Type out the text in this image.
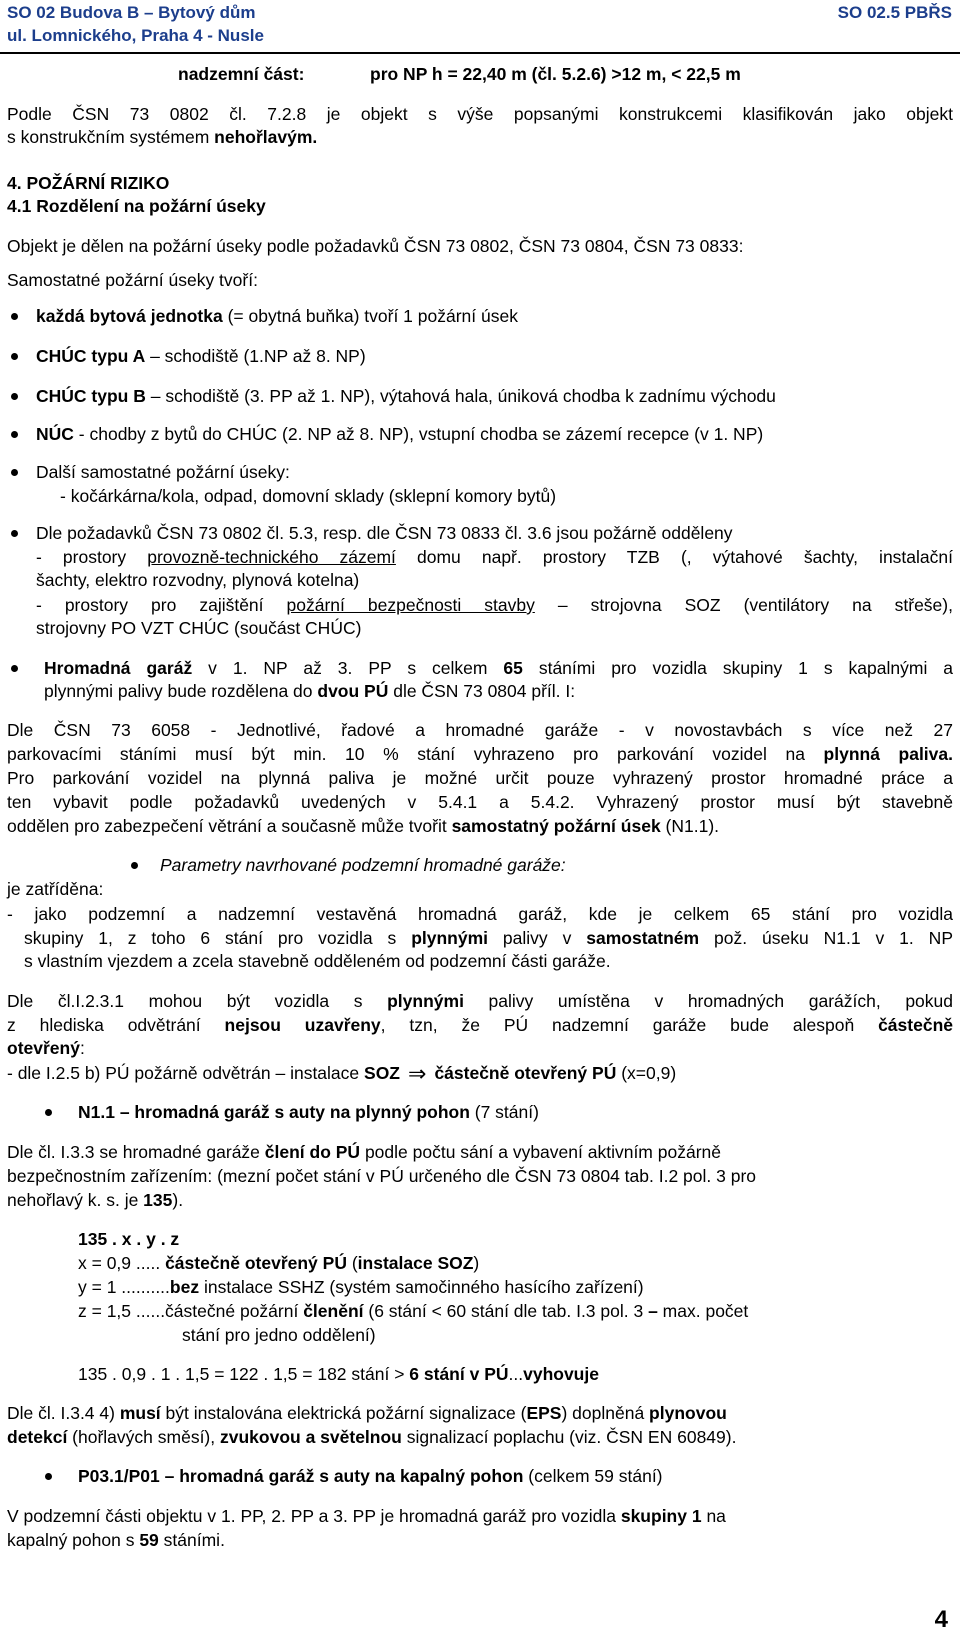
SO 02 Budova B – Bytový dům
ul. Lomnického, Praha 4 - Nusle
SO 02.5 PBŘS
nadzemní část:	pro NP h = 22,40 m (čl. 5.2.6) >12 m, < 22,5 m
Podle ČSN 73 0802 čl. 7.2.8 je objekt s výše popsanými konstrukcemi klasifikován jako objekt
s konstrukčním systémem nehořlavým.
4. POŽÁRNÍ RIZIKO
4.1 Rozdělení na požární úseky
Objekt je dělen na požární úseky podle požadavků ČSN 73 0802, ČSN 73 0804, ČSN 73 0833:
Samostatné požární úseky tvoří:
každá bytová jednotka (= obytná buňka) tvoří 1 požární úsek
CHÚC typu A – schodiště (1.NP až 8. NP)
CHÚC typu B – schodiště (3. PP až 1. NP), výtahová hala, úniková chodba k zadnímu východu
NÚC - chodby z bytů do CHÚC (2. NP až 8. NP), vstupní chodba se zázemí recepce (v 1. NP)
Další samostatné požární úseky:
- kočárkárna/kola, odpad, domovní sklady (sklepní komory bytů)
Dle požadavků ČSN 73 0802 čl. 5.3, resp. dle ČSN 73 0833 čl. 3.6 jsou požárně odděleny
- prostory provozně-technického zázemí domu např. prostory TZB (, výtahové šachty, instalační
šachty, elektro rozvodny, plynová kotelna)
- prostory pro zajištění požární bezpečnosti stavby – strojovna SOZ (ventilátory na střeše),
strojovny PO VZT CHÚC (součást CHÚC)
Hromadná garáž v 1. NP až 3. PP s celkem 65 stáními pro vozidla skupiny 1 s kapalnými a
plynnými palivy bude rozdělena do dvou PÚ dle ČSN 73 0804 příl. I:
Dle ČSN 73 6058 - Jednotlivé, řadové a hromadné garáže - v novostavbách s více než 27
parkovacími stáními musí být min. 10 % stání vyhrazeno pro parkování vozidel na plynná paliva.
Pro parkování vozidel na plynná paliva je možné určit pouze vyhrazený prostor hromadné práce a
ten vybavit podle požadavků uvedených v 5.4.1 a 5.4.2. Vyhrazený prostor musí být stavebně
oddělen pro zabezpečení větrání a současně může tvořit samostatný požární úsek (N1.1).
Parametry navrhované podzemní hromadné garáže:
je zatříděna:
- jako podzemní a nadzemní vestavěná hromadná garáž, kde je celkem 65 stání pro vozidla
skupiny 1, z toho 6 stání pro vozidla s plynnými palivy v samostatném pož. úseku N1.1 v 1. NP
s vlastním vjezdem a zcela stavebně odděleném od podzemní části garáže.
Dle čl.I.2.3.1 mohou být vozidla s plynnými palivy umístěna v hromadných garážích, pokud
z hlediska odvětrání nejsou uzavřeny, tzn, že PÚ nadzemní garáže bude alespoň částečně
otevřený:
- dle I.2.5 b) PÚ požárně odvětrán – instalace SOZ ⇒ částečně otevřený PÚ (x=0,9)
N1.1 – hromadná garáž s auty na plynný pohon (7 stání)
Dle čl. I.3.3 se hromadné garáže člení do PÚ podle počtu sání a vybavení aktivním požárně
bezpečnostním zařízením: (mezní počet stání v PÚ určeného dle ČSN 73 0804 tab. I.2 pol. 3 pro
nehořlavý k. s. je 135).
135 . x . y . z
x = 0,9 ..... částečně otevřený PÚ (instalace SOZ)
y = 1 ..........bez instalace SSHZ (systém samočinného hasícího zařízení)
z = 1,5 ......částečné požární členění (6 stání < 60 stání dle tab. I.3 pol. 3 – max. počet
stání pro jedno oddělení)
135 . 0,9 . 1 . 1,5 = 122 . 1,5 = 182 stání > 6 stání v PÚ...vyhovuje
Dle čl. I.3.4 4) musí být instalována elektrická požární signalizace (EPS) doplněná plynovou
detekcí (hořlavých směsí), zvukovou a světelnou signalizací poplachu (viz. ČSN EN 60849).
P03.1/P01 – hromadná garáž s auty na kapalný pohon (celkem 59 stání)
V podzemní části objektu v 1. PP, 2. PP a 3. PP je hromadná garáž pro vozidla skupiny 1 na
kapalný pohon s 59 stáními.
4
